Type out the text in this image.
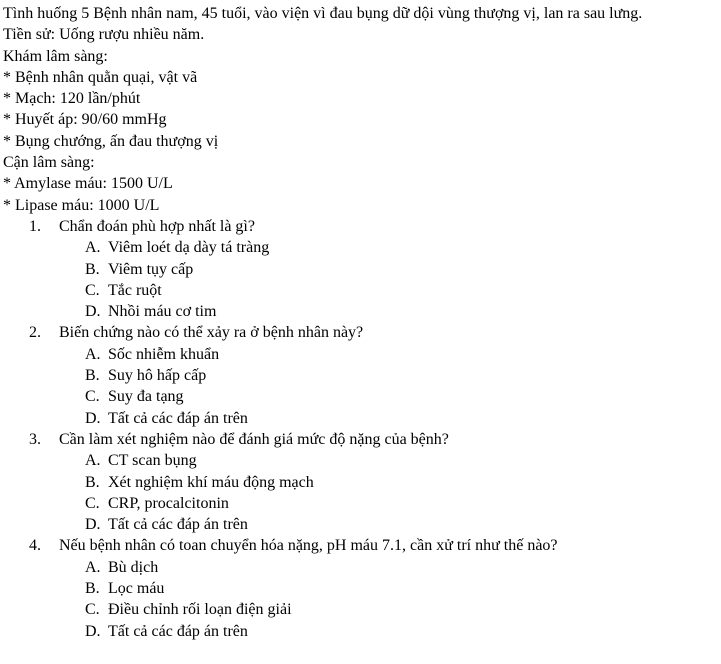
Tình huống 5 Bệnh nhân nam, 45 tuổi, vào viện vì đau bụng dữ dội vùng thượng vị, lan ra sau lưng.
Tiền sử: Uống rượu nhiều năm.
Khám lâm sàng:
* Bệnh nhân quằn quại, vật vã
* Mạch: 120 lần/phút
* Huyết áp: 90/60 mmHg
* Bụng chướng, ấn đau thượng vị
Cận lâm sàng:
* Amylase máu: 1500 U/L
* Lipase máu: 1000 U/L
1.	Chẩn đoán phù hợp nhất là gì?
A. Viêm loét dạ dày tá tràng
B. Viêm tụy cấp
C. Tắc ruột
D. Nhồi máu cơ tim
2.	Biến chứng nào có thể xảy ra ở bệnh nhân này?
A. Sốc nhiễm khuẩn
B. Suy hô hấp cấp
C. Suy đa tạng
D. Tất cả các đáp án trên
3.	Cần làm xét nghiệm nào để đánh giá mức độ nặng của bệnh?
A. CT scan bụng
B. Xét nghiệm khí máu động mạch
C. CRP, procalcitonin
D. Tất cả các đáp án trên
4.	Nếu bệnh nhân có toan chuyển hóa nặng, pH máu 7.1, cần xử trí như thế nào?
A. Bù dịch
B. Lọc máu
C. Điều chỉnh rối loạn điện giải
D. Tất cả các đáp án trên
